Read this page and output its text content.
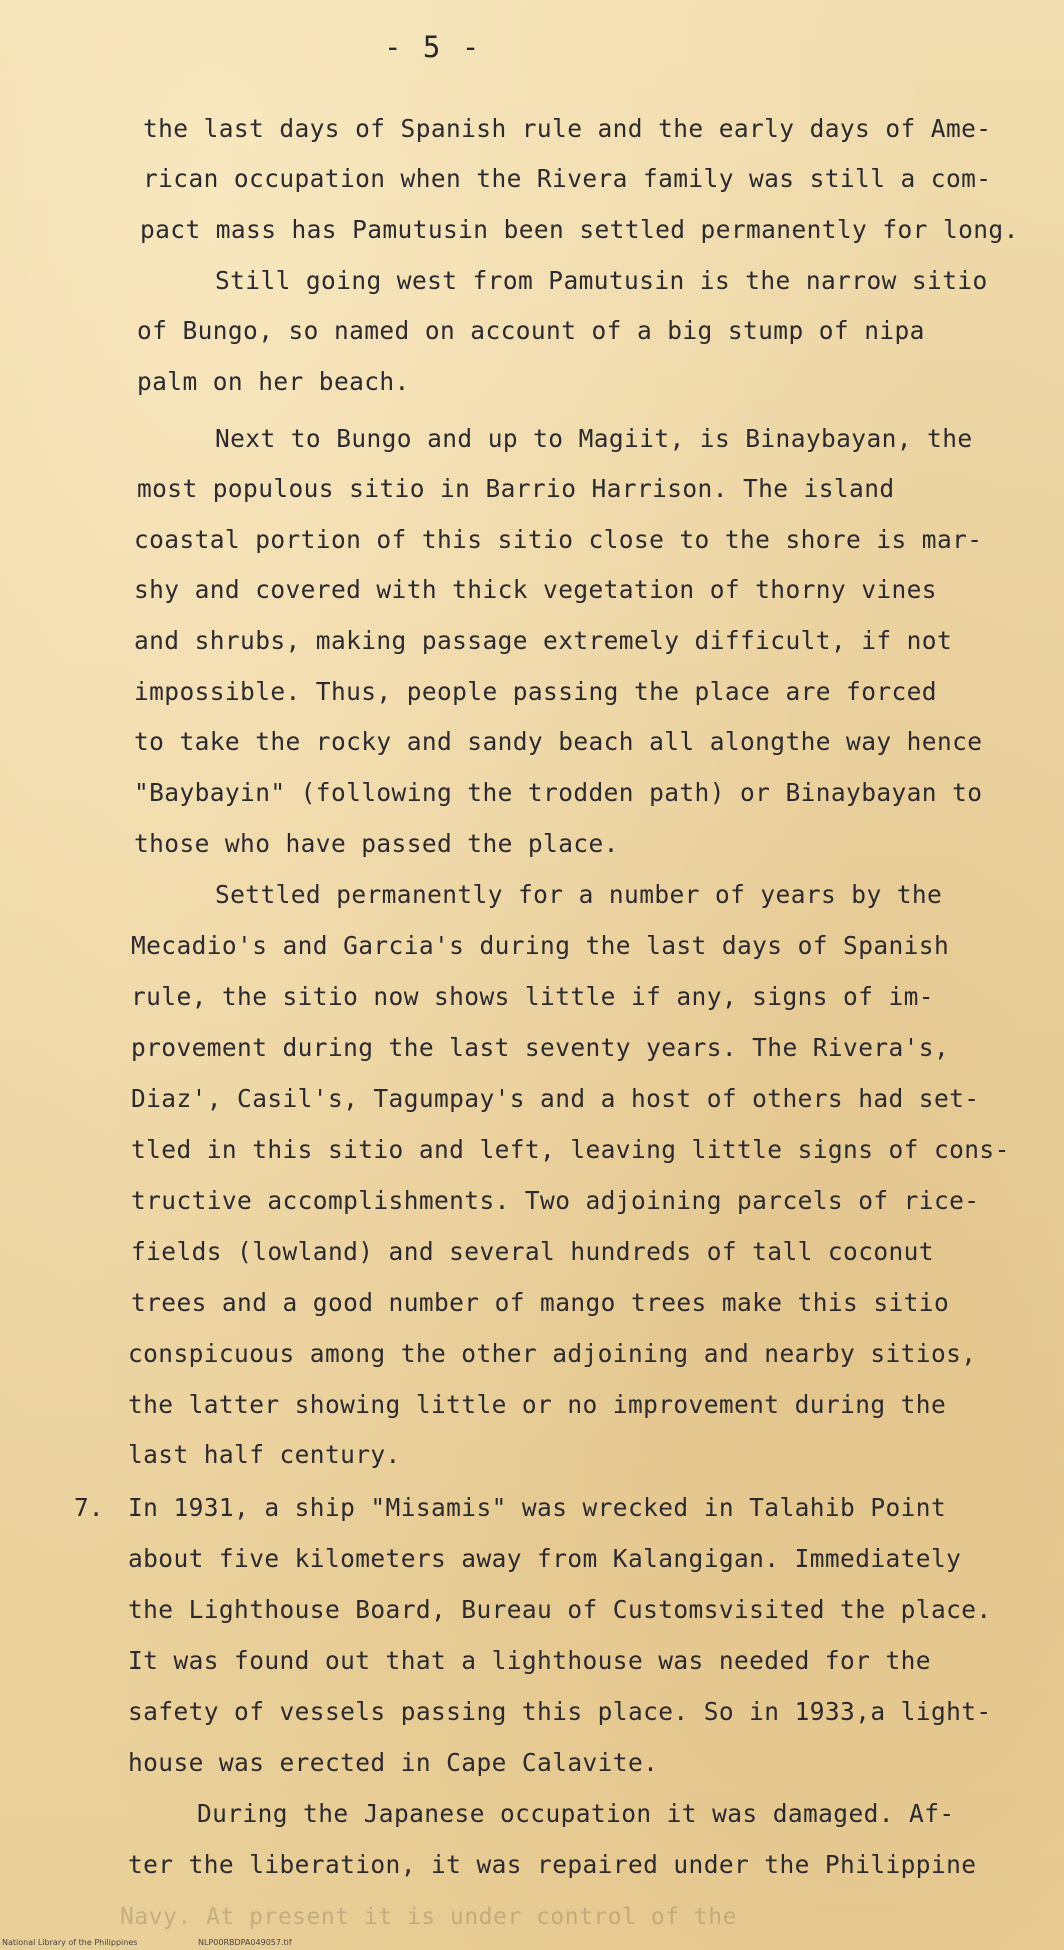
- 5 -
the last days of Spanish rule and the early days of Ame-
rican occupation when the Rivera family was still a com-
pact mass has Pamutusin been settled permanently for long.
Still going west from Pamutusin is the narrow sitio
of Bungo, so named on account of a big stump of nipa
palm on her beach.
Next to Bungo and up to Magiit, is Binaybayan, the
most populous sitio in Barrio Harrison. The island
coastal portion of this sitio close to the shore is mar-
shy and covered with thick vegetation of thorny vines
and shrubs, making passage extremely difficult, if not
impossible. Thus, people passing the place are forced
to take the rocky and sandy beach all alongthe way hence
"Baybayin" (following the trodden path) or Binaybayan to
those who have passed the place.
Settled permanently for a number of years by the
Mecadio's and Garcia's during the last days of Spanish
rule, the sitio now shows little if any, signs of im-
provement during the last seventy years. The Rivera's,
Diaz', Casil's, Tagumpay's and a host of others had set-
tled in this sitio and left, leaving little signs of cons-
tructive accomplishments. Two adjoining parcels of rice-
fields (lowland) and several hundreds of tall coconut
trees and a good number of mango trees make this sitio
conspicuous among the other adjoining and nearby sitios,
the latter showing little or no improvement during the
last half century.
7. In 1931, a ship "Misamis" was wrecked in Talahib Point
about five kilometers away from Kalangigan. Immediately
the Lighthouse Board, Bureau of Customsvisited the place.
It was found out that a lighthouse was needed for the
safety of vessels passing this place. So in 1933,a light-
house was erected in Cape Calavite.
During the Japanese occupation it was damaged. Af-
ter the liberation, it was repaired under the Philippine
Navy. At present it is under control of the
National Library of the Philippines	NLP00RBDPA049057.tif
